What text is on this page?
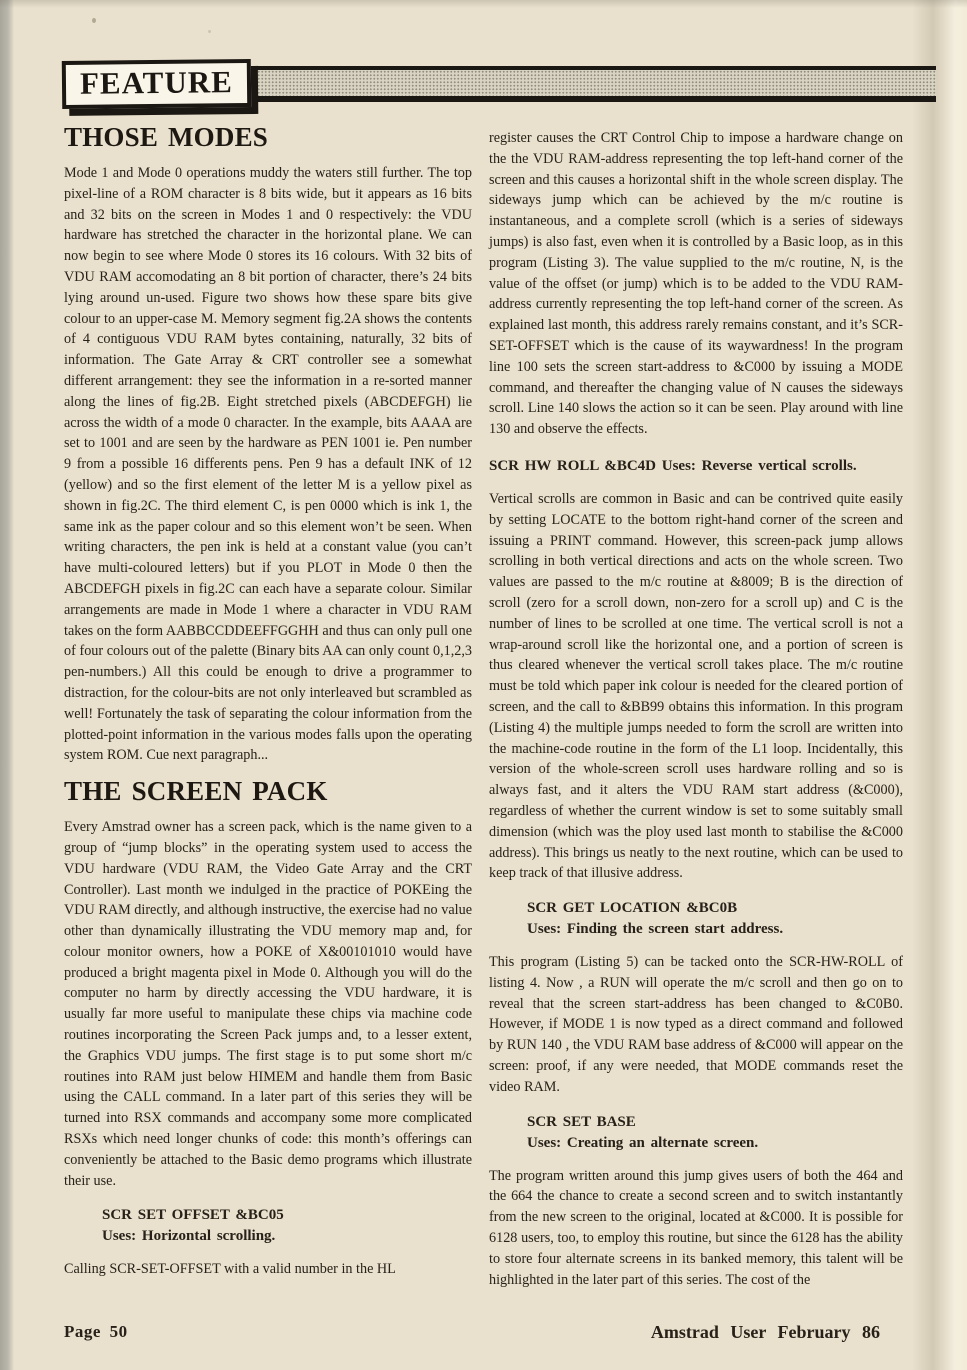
FEATURE
THOSE MODES

Mode 1 and Mode 0 operations muddy the waters still further. The top pixel-line of a ROM character is 8 bits wide, but it appears as 16 bits and 32 bits on the screen in Modes 1 and 0 respectively: the VDU hardware has stretched the character in the horizontal plane. We can now begin to see where Mode 0 stores its 16 colours. With 32 bits of VDU RAM accomodating an 8 bit portion of character, there’s 24 bits lying around un-used. Figure two shows how these spare bits give colour to an upper-case M. Memory segment fig.2A shows the contents of 4 contiguous VDU RAM bytes containing, naturally, 32 bits of information. The Gate Array & CRT controller see a somewhat different arrangement: they see the information in a re-sorted manner along the lines of fig.2B. Eight stretched pixels (ABCDEFGH) lie across the width of a mode 0 character. In the example, bits AAAA are set to 1001 and are seen by the hardware as PEN 1001 ie. Pen number 9 from a possible 16 differents pens. Pen 9 has a default INK of 12 (yellow) and so the first element of the letter M is a yellow pixel as shown in fig.2C. The third element C, is pen 0000 which is ink 1, the same ink as the paper colour and so this element won’t be seen. When writing characters, the pen ink is held at a constant value (you can’t have multi-coloured letters) but if you PLOT in Mode 0 then the ABCDEFGH pixels in fig.2C can each have a separate colour. Similar arrangements are made in Mode 1 where a character in VDU RAM takes on the form AABBCCDDEEFFGGHH and thus can only pull one of four colours out of the palette (Binary bits AA can only count 0,1,2,3 pen-numbers.) All this could be enough to drive a programmer to distraction, for the colour-bits are not only interleaved but scrambled as well! Fortunately the task of separating the colour information from the plotted-point information in the various modes falls upon the operating system ROM. Cue next paragraph...

THE SCREEN PACK

Every Amstrad owner has a screen pack, which is the name given to a group of “jump blocks” in the operating system used to access the VDU hardware (VDU RAM, the Video Gate Array and the CRT Controller). Last month we indulged in the practice of POKEing the VDU RAM directly, and although instructive, the exercise had no value other than dynamically illustrating the VDU memory map and, for colour monitor owners, how a POKE of X&00101010 would have produced a bright magenta pixel in Mode 0. Although you will do the computer no harm by directly accessing the VDU hardware, it is usually far more useful to manipulate these chips via machine code routines incorporating the Screen Pack jumps and, to a lesser extent, the Graphics VDU jumps. The first stage is to put some short m/c routines into RAM just below HIMEM and handle them from Basic using the CALL command. In a later part of this series they will be turned into RSX commands and accompany some more complicated RSXs which need longer chunks of code: this month’s offerings can conveniently be attached to the Basic demo programs which illustrate their use.

SCR SET OFFSET &BC05
Uses: Horizontal scrolling.

Calling SCR-SET-OFFSET with a valid number in the HL

register causes the CRT Control Chip to impose a hardware change on the the VDU RAM-address representing the top left-hand corner of the screen and this causes a horizontal shift in the whole screen display. The sideways jump which can be achieved by the m/c routine is instantaneous, and a complete scroll (which is a series of sideways jumps) is also fast, even when it is controlled by a Basic loop, as in this program (Listing 3). The value supplied to the m/c routine, N, is the value of the offset (or jump) which is to be added to the VDU RAM-address currently representing the top left-hand corner of the screen. As explained last month, this address rarely remains constant, and it’s SCR-SET-OFFSET which is the cause of its waywardness! In the program line 100 sets the screen start-address to &C000 by issuing a MODE command, and thereafter the changing value of N causes the sideways scroll. Line 140 slows the action so it can be seen. Play around with line 130 and observe the effects.

SCR HW ROLL &BC4D Uses: Reverse vertical scrolls.

Vertical scrolls are common in Basic and can be contrived quite easily by setting LOCATE to the bottom right-hand corner of the screen and issuing a PRINT command. However, this screen-pack jump allows scrolling in both vertical directions and acts on the whole screen. Two values are passed to the m/c routine at &8009; B is the direction of scroll (zero for a scroll down, non-zero for a scroll up) and C is the number of lines to be scrolled at one time. The vertical scroll is not a wrap-around scroll like the horizontal one, and a portion of screen is thus cleared whenever the vertical scroll takes place. The m/c routine must be told which paper ink colour is needed for the cleared portion of screen, and the call to &BB99 obtains this information. In this program (Listing 4) the multiple jumps needed to form the scroll are written into the machine-code routine in the form of the L1 loop. Incidentally, this version of the whole-screen scroll uses hardware rolling and so is always fast, and it alters the VDU RAM start address (&C000), regardless of whether the current window is set to some suitably small dimension (which was the ploy used last month to stabilise the &C000 address). This brings us neatly to the next routine, which can be used to keep track of that illusive address.

SCR GET LOCATION &BC0B
Uses: Finding the screen start address.

This program (Listing 5) can be tacked onto the SCR-HW-ROLL of listing 4. Now , a RUN will operate the m/c scroll and then go on to reveal that the screen start-address has been changed to &C0B0. However, if MODE 1 is now typed as a direct command and followed by RUN 140 , the VDU RAM base address of &C000 will appear on the screen: proof, if any were needed, that MODE commands reset the video RAM.

SCR SET BASE
Uses: Creating an alternate screen.

The program written around this jump gives users of both the 464 and the 664 the chance to create a second screen and to switch instantantly from the new screen to the original, located at &C000. It is possible for 6128 users, too, to employ this routine, but since the 6128 has the ability to store four alternate screens in its banked memory, this talent will be highlighted in the later part of this series. The cost of the

Page 50	Amstrad User February 86
